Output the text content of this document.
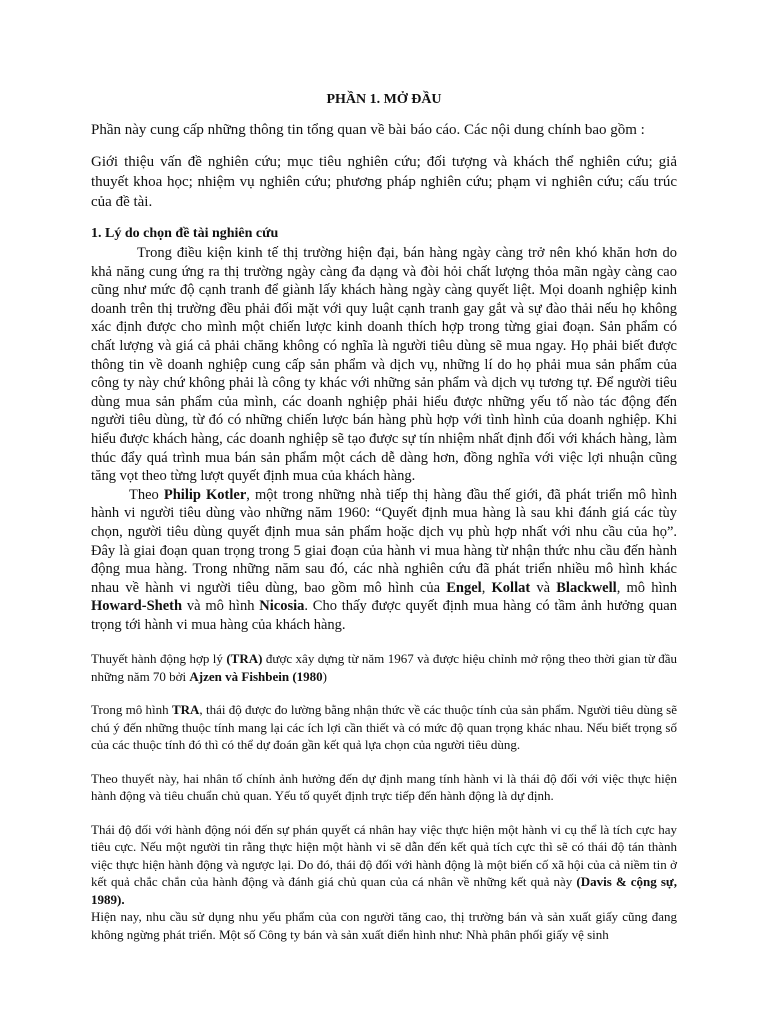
PHẦN 1. MỞ ĐẦU

Phần này cung cấp những thông tin tổng quan về bài báo cáo. Các nội dung chính bao gồm :

Giới thiệu vấn đề nghiên cứu; mục tiêu nghiên cứu; đối tượng và khách thể nghiên cứu; giả thuyết khoa học; nhiệm vụ nghiên cứu; phương pháp nghiên cứu; phạm vi nghiên cứu; cấu trúc của đề tài.

1. Lý do chọn đề tài nghiên cứu

Trong điều kiện kinh tế thị trường hiện đại, bán hàng ngày càng trở nên khó khăn hơn do khả năng cung ứng ra thị trường ngày càng đa dạng và đòi hỏi chất lượng thỏa mãn ngày càng cao cũng như mức độ cạnh tranh để giành lấy khách hàng ngày càng quyết liệt. Mọi doanh nghiệp kinh doanh trên thị trường đều phải đối mặt với quy luật cạnh tranh gay gắt và sự đào thải nếu họ không xác định được cho mình một chiến lược kinh doanh thích hợp trong từng giai đoạn. Sản phẩm có chất lượng và giá cả phải chăng không có nghĩa là người tiêu dùng sẽ mua ngay. Họ phải biết được thông tin về doanh nghiệp cung cấp sản phẩm và dịch vụ, những lí do họ phải mua sản phẩm của công ty này chứ không phải là công ty khác với những sản phẩm và dịch vụ tương tự. Để người tiêu dùng mua sản phẩm của mình, các doanh nghiệp phải hiểu được những yếu tố nào tác động đến người tiêu dùng, từ đó có những chiến lược bán hàng phù hợp với tình hình của doanh nghiệp. Khi hiểu được khách hàng, các doanh nghiệp sẽ tạo được sự tín nhiệm nhất định đối với khách hàng, làm thúc đẩy quá trình mua bán sản phẩm một cách dễ dàng hơn, đồng nghĩa với việc lợi nhuận cũng tăng vọt theo từng lượt quyết định mua của khách hàng.

Theo Philip Kotler, một trong những nhà tiếp thị hàng đầu thế giới, đã phát triển mô hình hành vi người tiêu dùng vào những năm 1960: “Quyết định mua hàng là sau khi đánh giá các tùy chọn, người tiêu dùng quyết định mua sản phẩm hoặc dịch vụ phù hợp nhất với nhu cầu của họ”. Đây là giai đoạn quan trọng trong 5 giai đoạn của hành vi mua hàng từ nhận thức nhu cầu đến hành động mua hàng. Trong những năm sau đó, các nhà nghiên cứu đã phát triển nhiều mô hình khác nhau về hành vi người tiêu dùng, bao gồm mô hình của Engel, Kollat và Blackwell, mô hình Howard-Sheth và mô hình Nicosia. Cho thấy được quyết định mua hàng có tầm ảnh hưởng quan trọng tới hành vi mua hàng của khách hàng.

Thuyết hành động hợp lý (TRA) được xây dựng từ năm 1967 và được hiệu chỉnh mở rộng theo thời gian từ đầu những năm 70 bởi Ajzen và Fishbein (1980)

Trong mô hình TRA, thái độ được đo lường bằng nhận thức về các thuộc tính của sản phẩm. Người tiêu dùng sẽ chú ý đến những thuộc tính mang lại các ích lợi cần thiết và có mức độ quan trọng khác nhau. Nếu biết trọng số của các thuộc tính đó thì có thể dự đoán gần kết quả lựa chọn của người tiêu dùng.

Theo thuyết này, hai nhân tố chính ảnh hưởng đến dự định mang tính hành vi là thái độ đối với việc thực hiện hành động và tiêu chuẩn chủ quan. Yếu tố quyết định trực tiếp đến hành động là dự định.

Thái độ đối với hành động nói đến sự phán quyết cá nhân hay việc thực hiện một hành vi cụ thể là tích cực hay tiêu cực. Nếu một người tin rằng thực hiện một hành vi sẽ dẫn đến kết quả tích cực thì sẽ có thái độ tán thành việc thực hiện hành động và ngược lại. Do đó, thái độ đối với hành động là một biến cố xã hội của cả niềm tin ở kết quả chắc chắn của hành động và đánh giá chủ quan của cá nhân về những kết quả này (Davis & cộng sự, 1989).

Hiện nay, nhu cầu sử dụng nhu yếu phẩm của con người tăng cao, thị trường bán và sản xuất giấy cũng đang không ngừng phát triển. Một số Công ty bán và sản xuất điển hình như: Nhà phân phối giấy vệ sinh
